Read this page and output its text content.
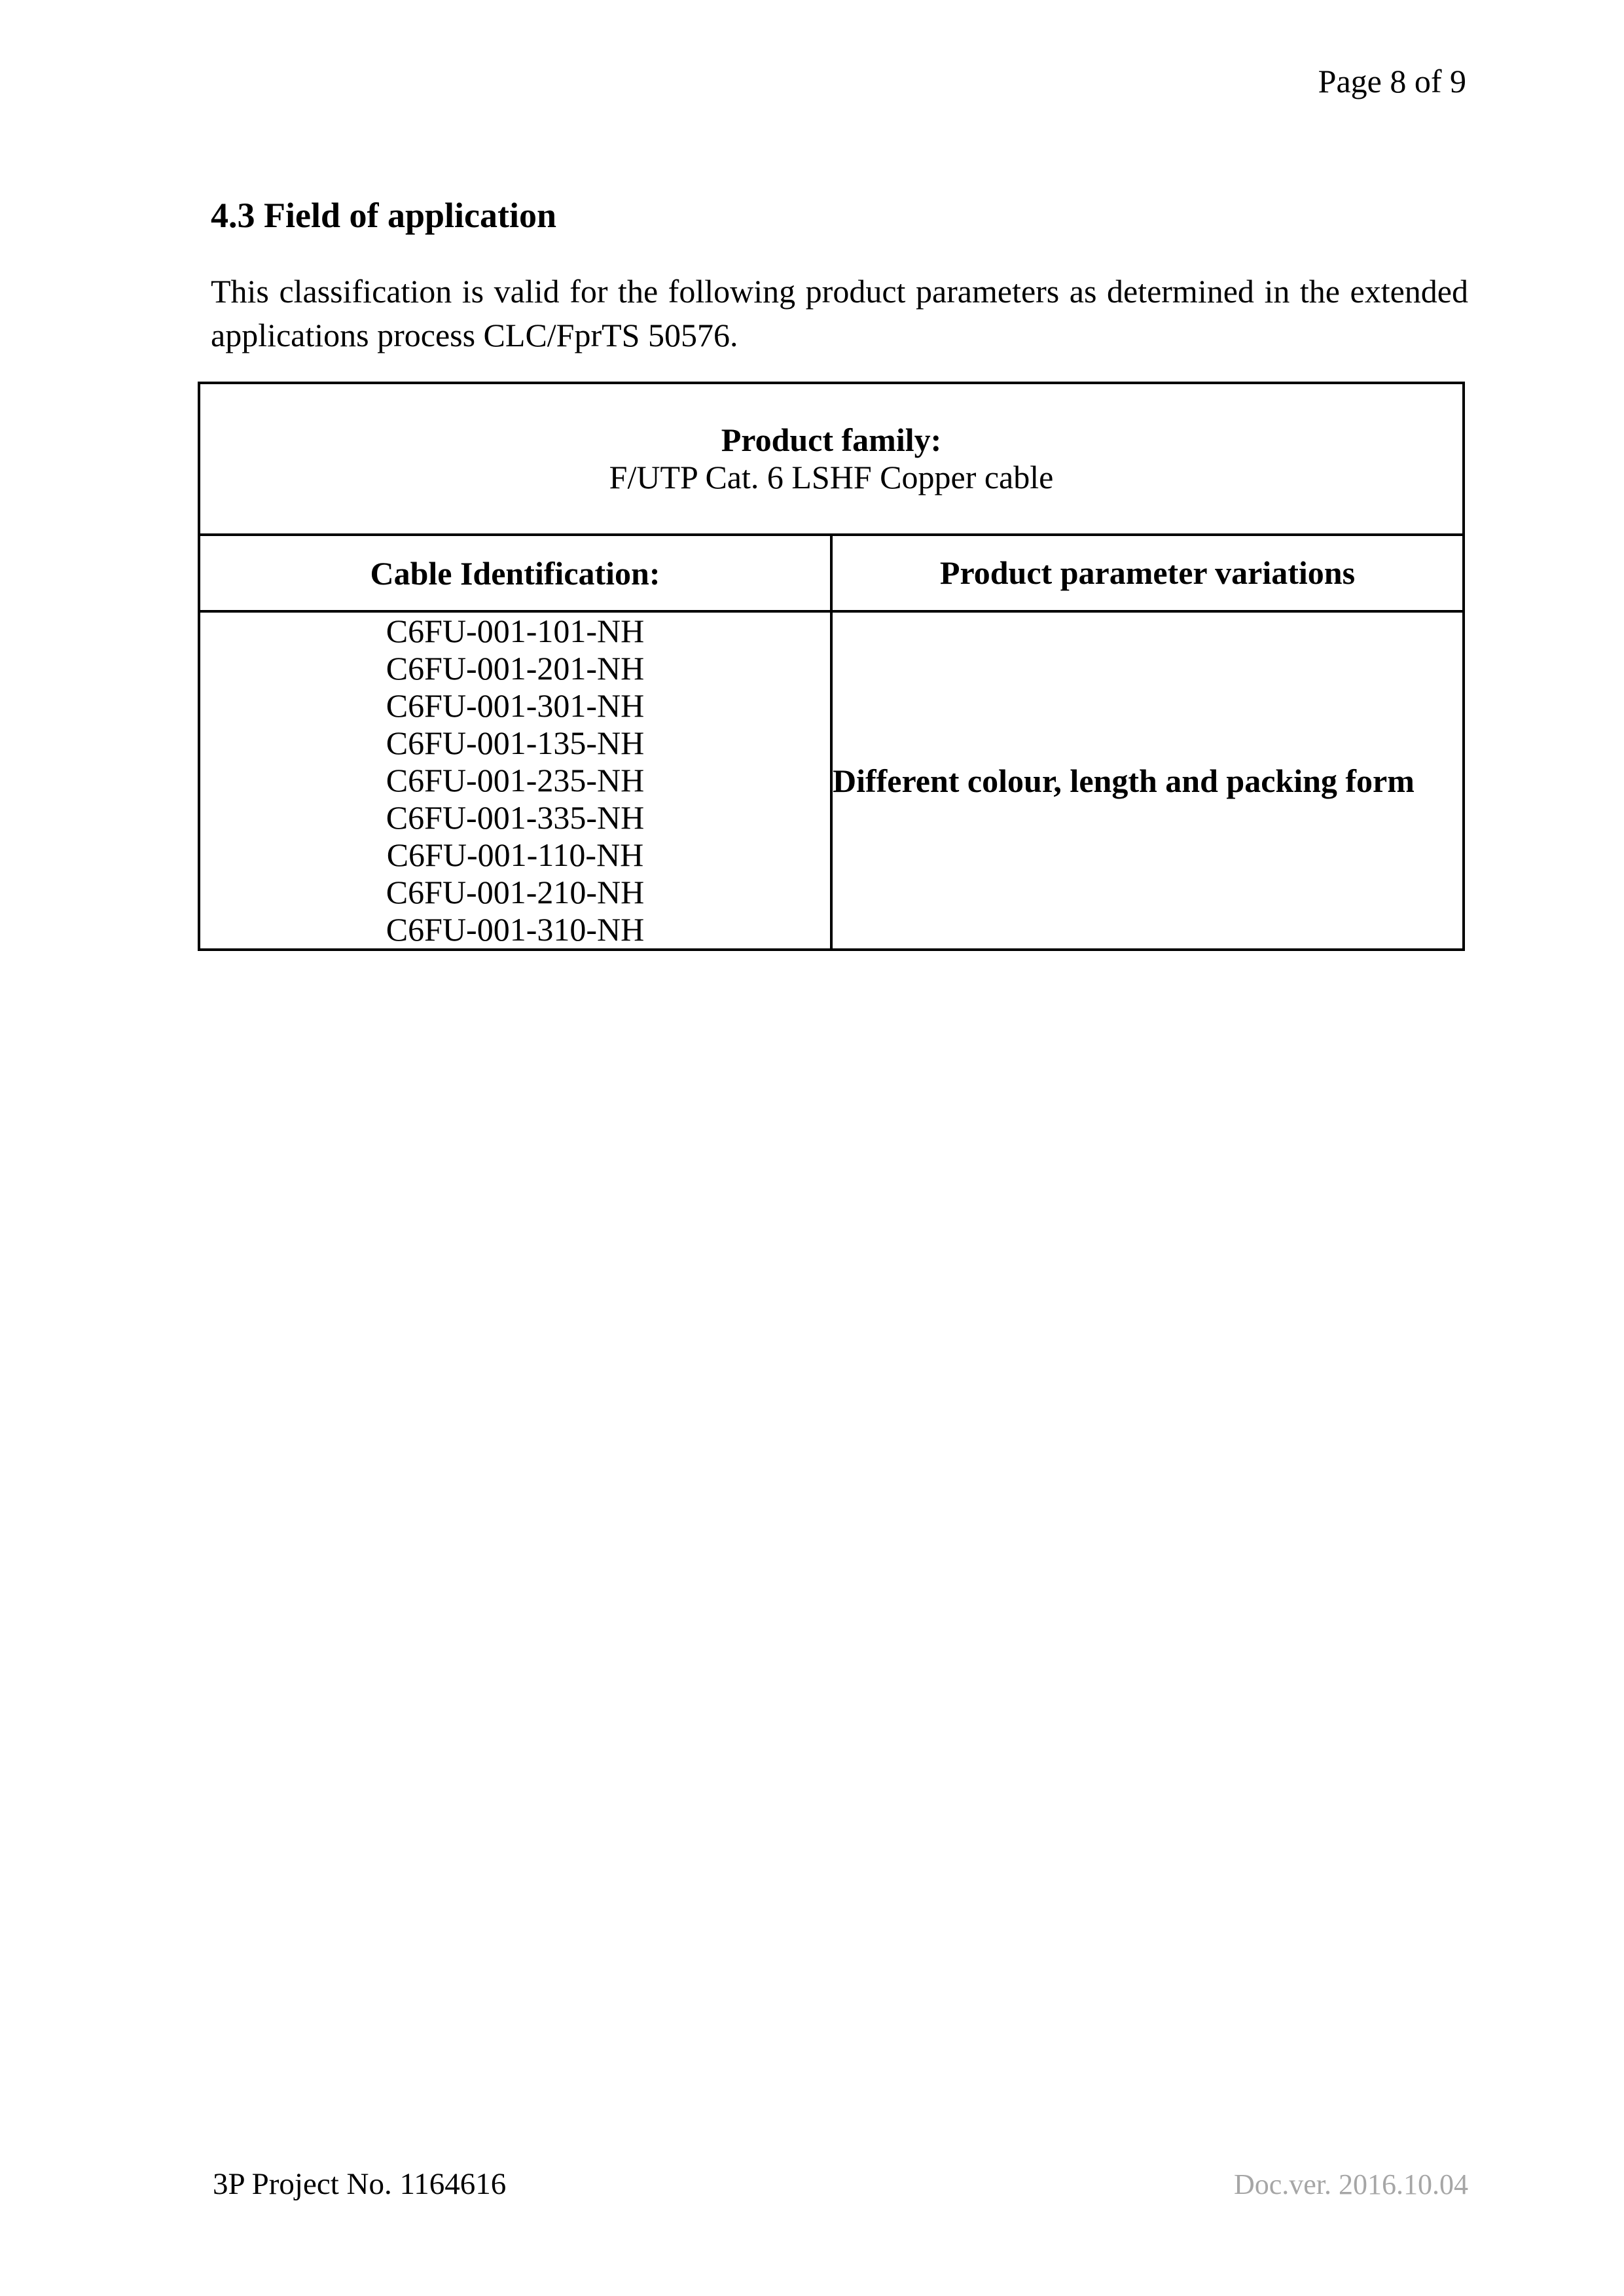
Page 8 of 9
4.3 Field of application
This classification is valid for the following product parameters as determined in the extended applications process CLC/FprTS 50576.
Product family:
F/UTP Cat. 6 LSHF Copper cable	

Cable Identification:	Product parameter variations

C6FU-001-101-NH
C6FU-001-201-NH
C6FU-001-301-NH
C6FU-001-135-NH
C6FU-001-235-NH
C6FU-001-335-NH
C6FU-001-110-NH
C6FU-001-210-NH
C6FU-001-310-NH
	Different colour, length and packing form
3P Project No. 1164616	Doc.ver. 2016.10.04
